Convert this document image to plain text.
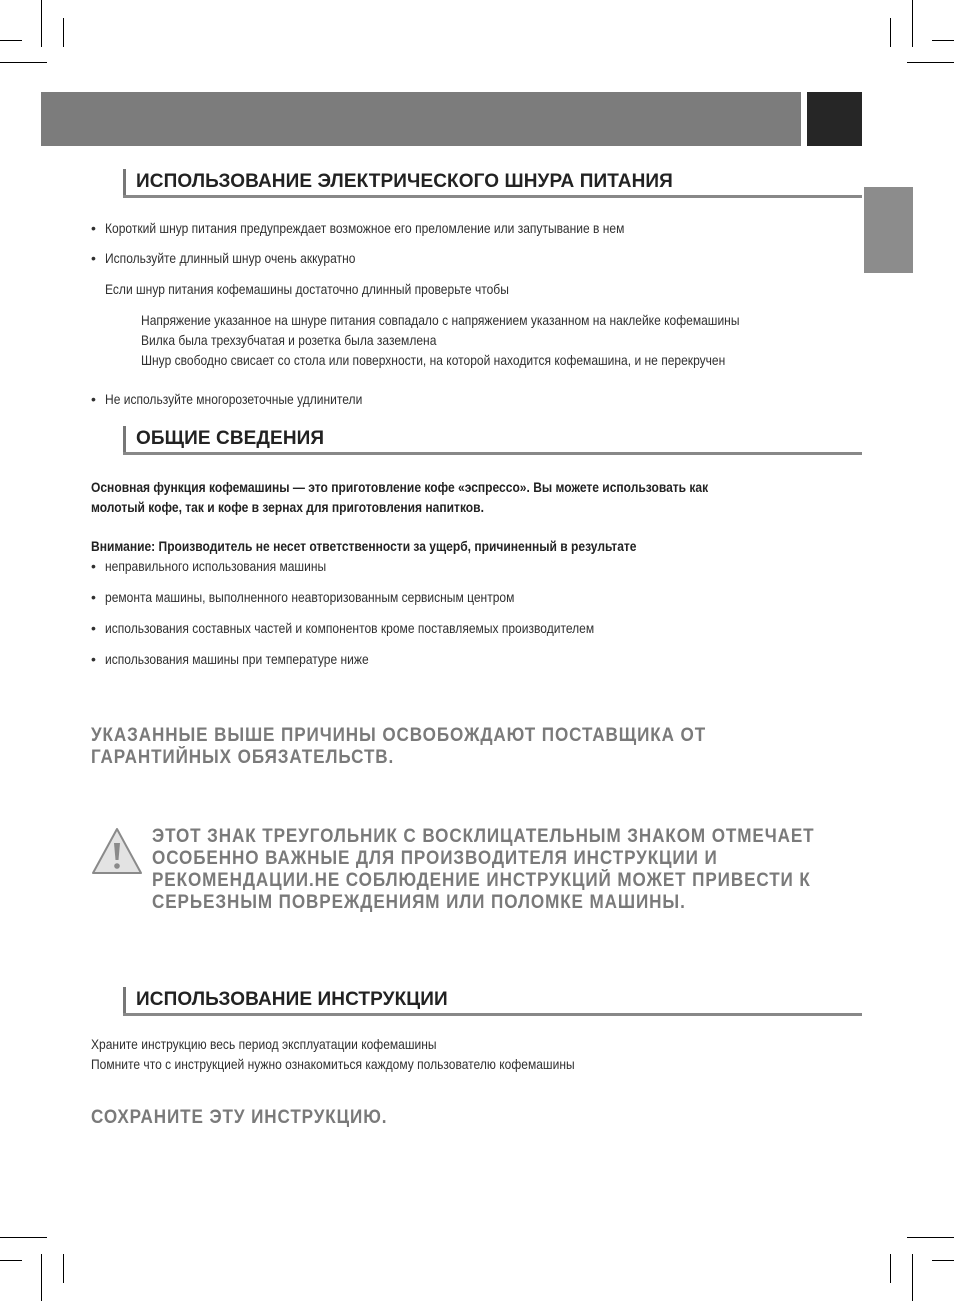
ИСПОЛЬЗОВАНИЕ ЭЛЕКТРИЧЕСКОГО ШНУРА ПИТАНИЯ
• Короткий шнур питания предупреждает возможное его преломление или запутывание в нем
• Используйте длинный шнур очень аккуратно
Если шнур питания кофемашины достаточно длинный проверьте чтобы
Напряжение указанное на шнуре питания совпадало с напряжением указанном на наклейке кофемашины
Вилка была трехзубчатая и розетка была заземлена
Шнур свободно свисает со стола или поверхности, на которой находится кофемашина, и не перекручен
• Не используйте многорозеточные удлинители
ОБЩИЕ СВЕДЕНИЯ
Основная функция кофемашины — это приготовление кофе «эспрессо». Вы можете использовать как
молотый кофе, так и кофе в зернах для приготовления напитков.
Внимание: Производитель не несет ответственности за ущерб, причиненный в результате
• неправильного использования машины
• ремонта машины, выполненного неавторизованным сервисным центром
• использования составных частей и компонентов кроме поставляемых производителем
• использования машины при температуре ниже
УКАЗАННЫЕ ВЫШЕ ПРИЧИНЫ ОСВОБОЖДАЮТ ПОСТАВЩИКА ОТ
ГАРАНТИЙНЫХ ОБЯЗАТЕЛЬСТВ.
ЭТОТ ЗНАК ТРЕУГОЛЬНИК С ВОСКЛИЦАТЕЛЬНЫМ ЗНАКОМ ОТМЕЧАЕТ
ОСОБЕННО ВАЖНЫЕ ДЛЯ ПРОИЗВОДИТЕЛЯ ИНСТРУКЦИИ И
РЕКОМЕНДАЦИИ.НЕ СОБЛЮДЕНИЕ ИНСТРУКЦИЙ МОЖЕТ ПРИВЕСТИ К
СЕРЬЕЗНЫМ ПОВРЕЖДЕНИЯМ ИЛИ ПОЛОМКЕ МАШИНЫ.
ИСПОЛЬЗОВАНИЕ ИНСТРУКЦИИ
Храните инструкцию весь период эксплуатации кофемашины
Помните что с инструкцией нужно ознакомиться каждому пользователю кофемашины
СОХРАНИТЕ ЭТУ ИНСТРУКЦИЮ.
